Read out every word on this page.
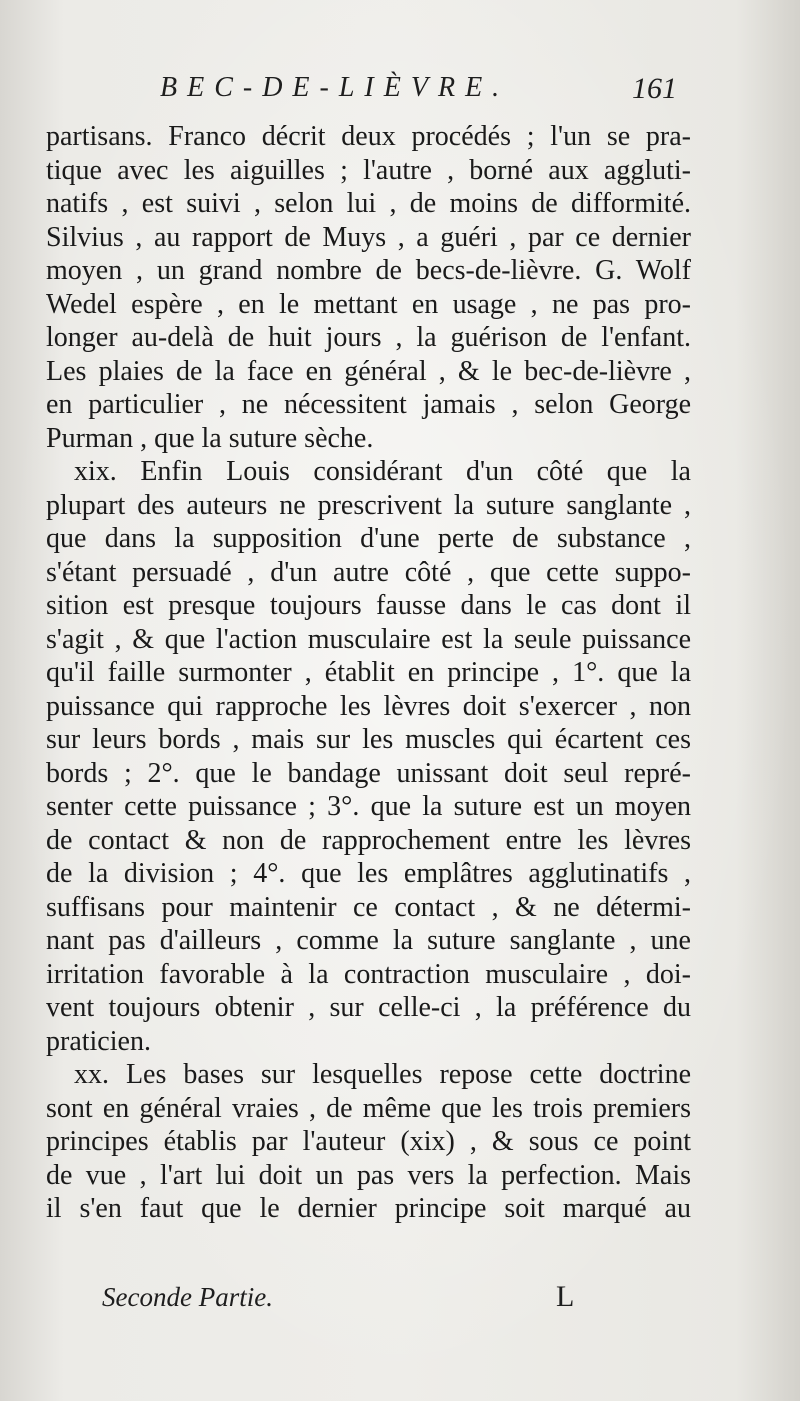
BEC-DE-LIÈVRE.	161
partisans. Franco décrit deux procédés ; l'un se pra-
tique avec les aiguilles ; l'autre , borné aux aggluti-
natifs , est suivi , selon lui , de moins de difformité.
Silvius , au rapport de Muys , a guéri , par ce dernier
moyen , un grand nombre de becs-de-lièvre. G. Wolf
Wedel espère , en le mettant en usage , ne pas pro-
longer au-delà de huit jours , la guérison de l'enfant.
Les plaies de la face en général , & le bec-de-lièvre ,
en particulier , ne nécessitent jamais , selon George
Purman , que la suture sèche.
xix. Enfin Louis considérant d'un côté que la
plupart des auteurs ne prescrivent la suture sanglante ,
que dans la supposition d'une perte de substance ,
s'étant persuadé , d'un autre côté , que cette suppo-
sition est presque toujours fausse dans le cas dont il
s'agit , & que l'action musculaire est la seule puissance
qu'il faille surmonter , établit en principe , 1°. que la
puissance qui rapproche les lèvres doit s'exercer , non
sur leurs bords , mais sur les muscles qui écartent ces
bords ; 2°. que le bandage unissant doit seul repré-
senter cette puissance ; 3°. que la suture est un moyen
de contact & non de rapprochement entre les lèvres
de la division ; 4°. que les emplâtres agglutinatifs ,
suffisans pour maintenir ce contact , & ne détermi-
nant pas d'ailleurs , comme la suture sanglante , une
irritation favorable à la contraction musculaire , doi-
vent toujours obtenir , sur celle-ci , la préférence du
praticien.
xx. Les bases sur lesquelles repose cette doctrine
sont en général vraies , de même que les trois premiers
principes établis par l'auteur (xix) , & sous ce point
de vue , l'art lui doit un pas vers la perfection. Mais
il s'en faut que le dernier principe soit marqué au
Seconde Partie.	L
